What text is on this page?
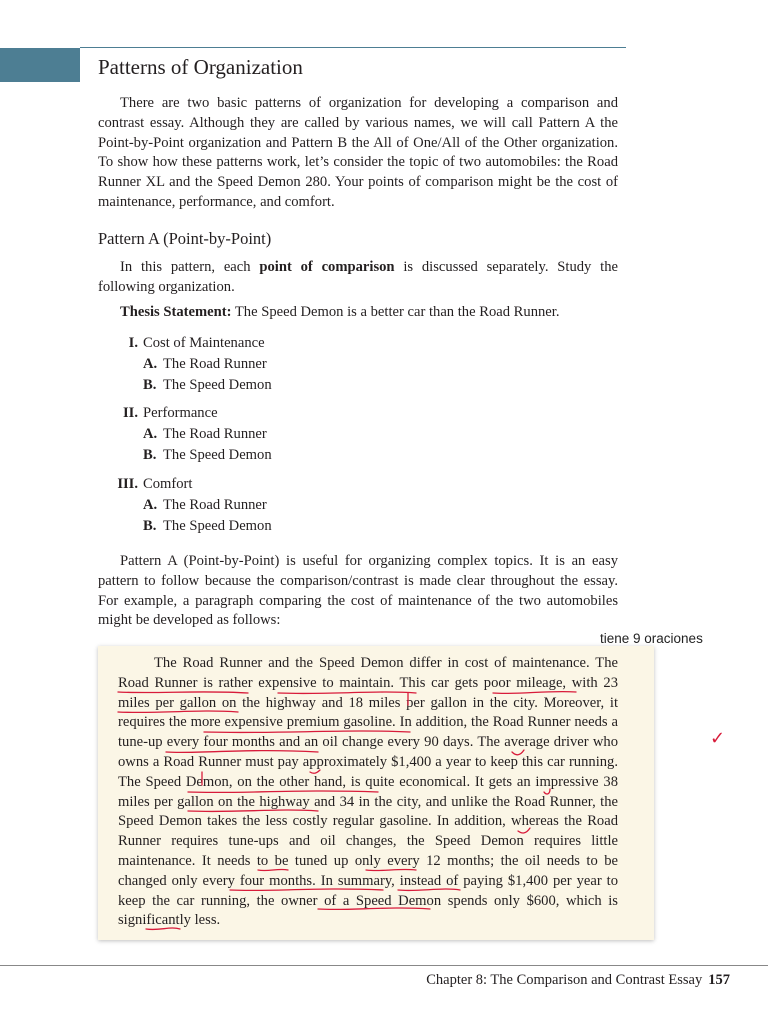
Patterns of Organization

There are two basic patterns of organization for developing a comparison and contrast essay. Although they are called by various names, we will call Pattern A the Point-by-Point organization and Pattern B the All of One/All of the Other organization. To show how these patterns work, let’s consider the topic of two automobiles: the Road Runner XL and the Speed Demon 280. Your points of comparison might be the cost of maintenance, performance, and comfort.

Pattern A (Point-by-Point)

In this pattern, each point of comparison is discussed separately. Study the following organization.

Thesis Statement: The Speed Demon is a better car than the Road Runner.
I. Cost of Maintenance
A. The Road Runner
B. The Speed Demon
II. Performance
A. The Road Runner
B. The Speed Demon
III. Comfort
A. The Road Runner
B. The Speed Demon

Pattern A (Point-by-Point) is useful for organizing complex topics. It is an easy pattern to follow because the comparison/contrast is made clear throughout the essay. For example, a paragraph comparing the cost of maintenance of the two automobiles might be developed as follows:

tiene 9 oraciones

The Road Runner and the Speed Demon differ in cost of maintenance. The Road Runner is rather expensive to maintain. This car gets poor mileage, with 23 miles per gallon on the highway and 18 miles per gallon in the city. Moreover, it requires the more expensive premium gasoline. In addition, the Road Runner needs a tune-up every four months and an oil change every 90 days. The average driver who owns a Road Runner must pay approximately $1,400 a year to keep this car running. The Speed Demon, on the other hand, is quite economical. It gets an impressive 38 miles per gallon on the highway and 34 in the city, and unlike the Road Runner, the Speed Demon takes the less costly regular gasoline. In addition, whereas the Road Runner requires tune-ups and oil changes, the Speed Demon requires little maintenance. It needs to be tuned up only every 12 months; the oil needs to be changed only every four months. In summary, instead of paying $1,400 per year to keep the car running, the owner of a Speed Demon spends only $600, which is significantly less.

✓
Chapter 8: The Comparison and Contrast Essay 157
